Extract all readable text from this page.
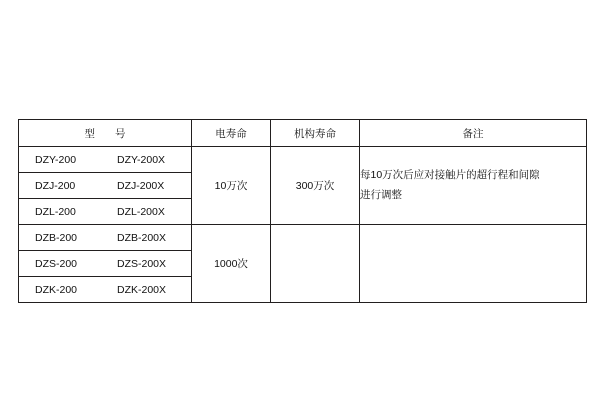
型 号	电寿命	机构寿命	备注

DZY-200 DZY-200X	10万次	300万次	每10万次后应对接触片的超行程和间隙
进行调整

DZJ-200 DZJ-200X			

DZL-200 DZL-200X			

DZB-200 DZB-200X	1000次		

DZS-200 DZS-200X			

DZK-200 DZK-200X			
